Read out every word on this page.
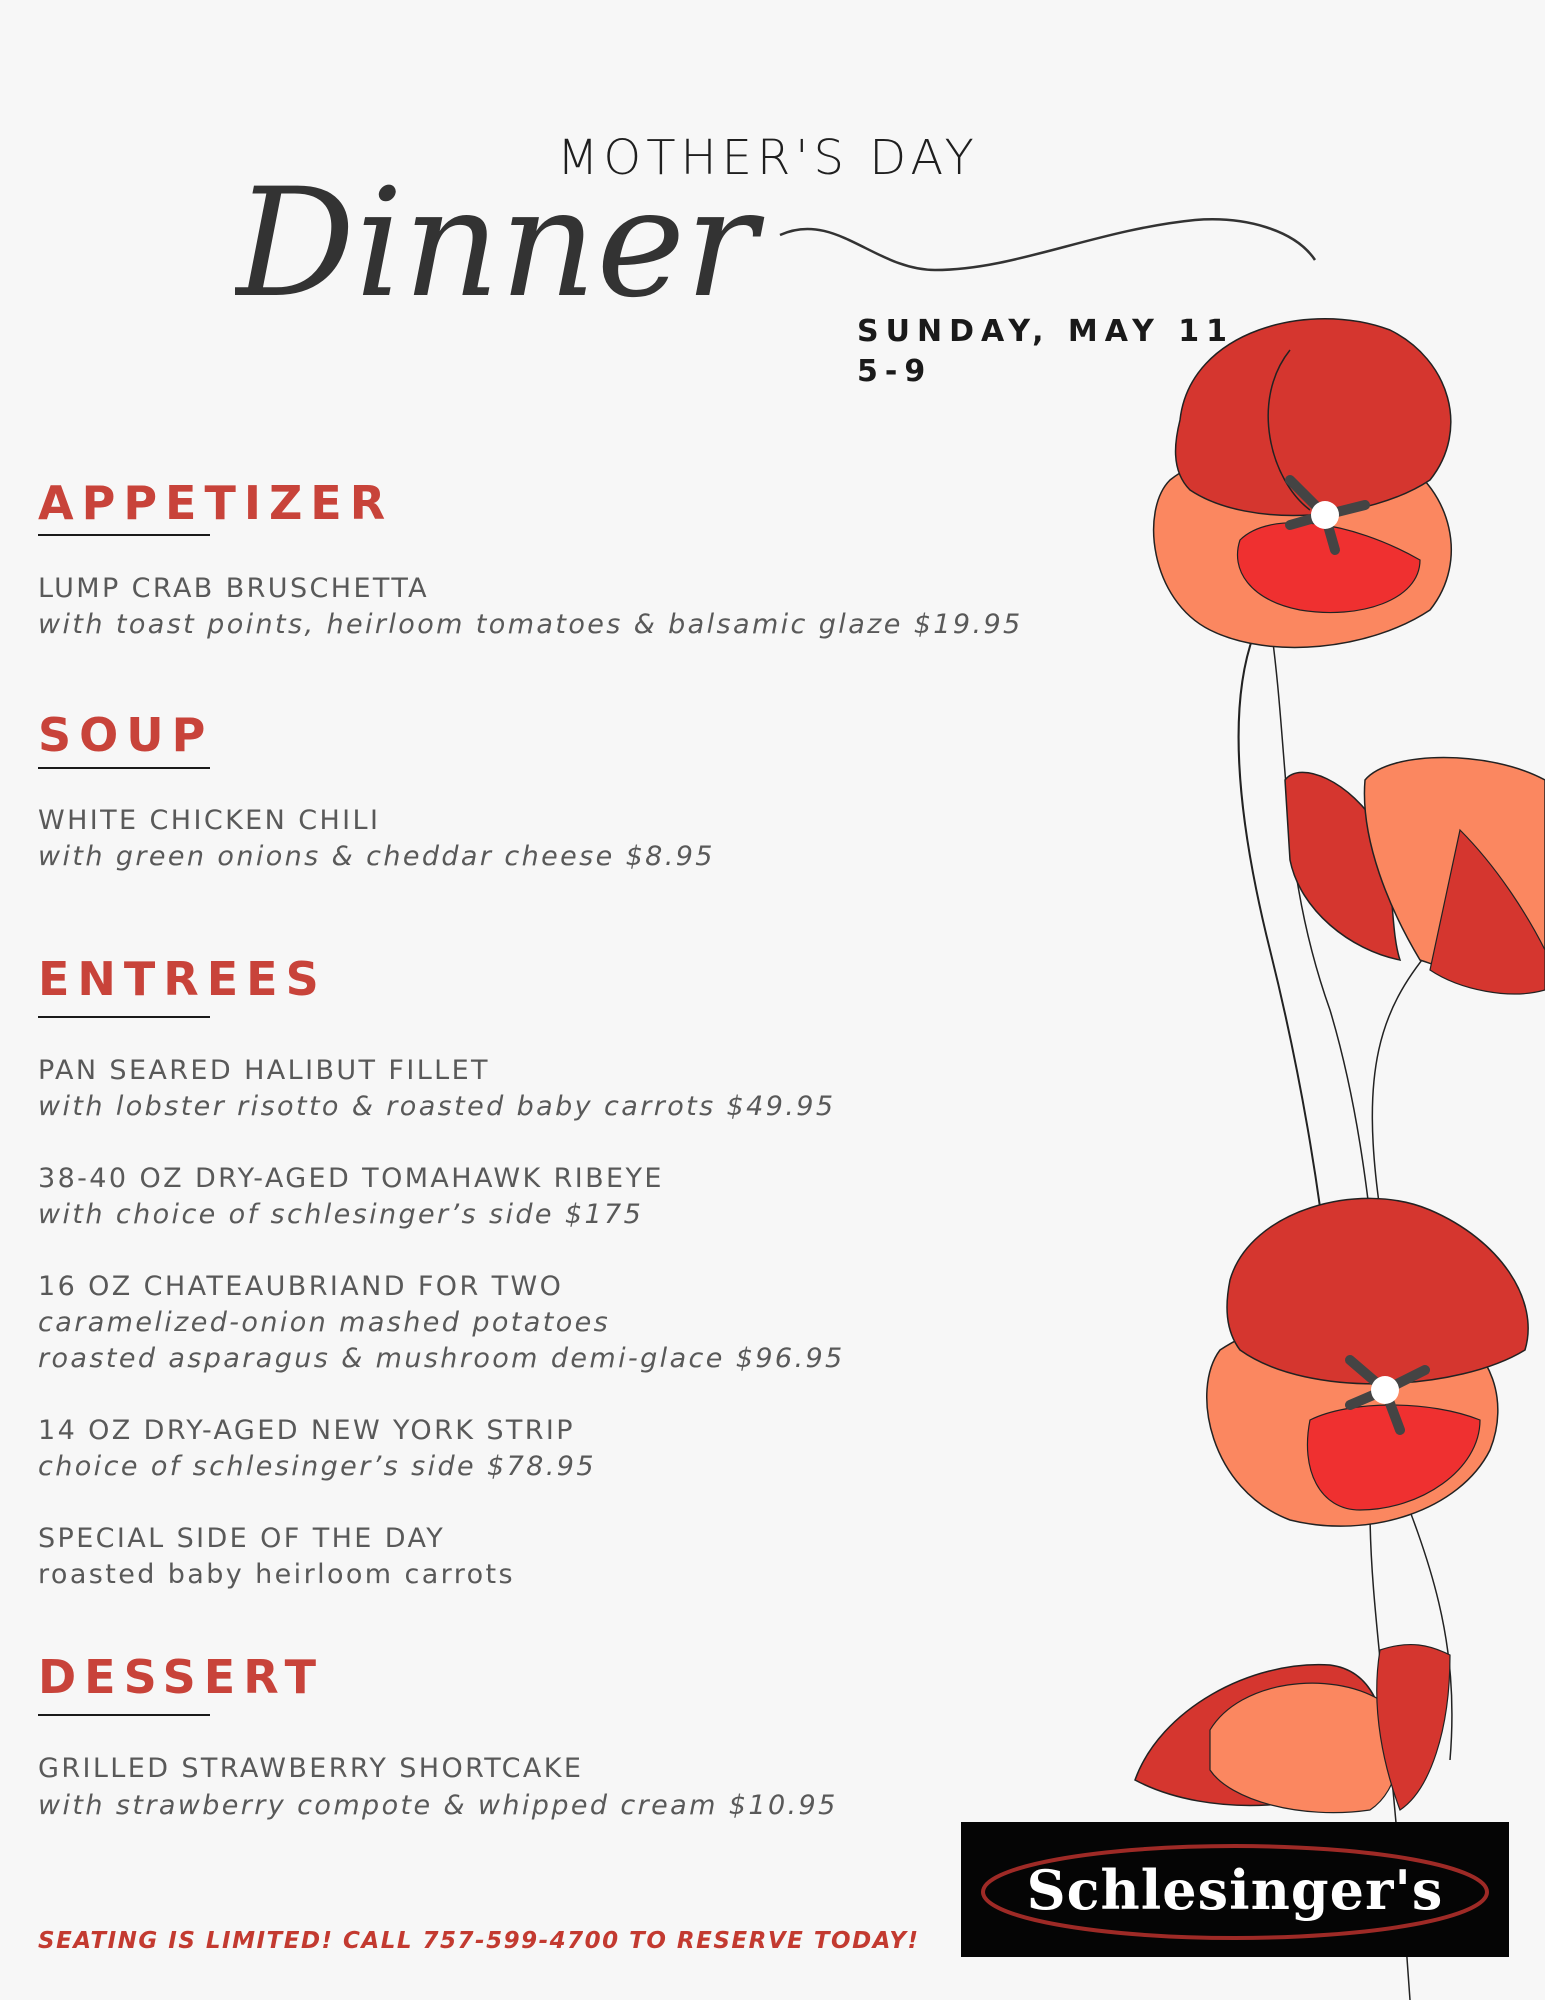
MOTHER'S DAY
Dinner
SUNDAY, MAY 11
5-9
APPETIZER
LUMP CRAB BRUSCHETTA
with toast points, heirloom tomatoes & balsamic glaze $19.95
SOUP
WHITE CHICKEN CHILI
with green onions & cheddar cheese $8.95
ENTREES
PAN SEARED HALIBUT FILLET
with lobster risotto & roasted baby carrots $49.95
38-40 OZ DRY-AGED TOMAHAWK RIBEYE
with choice of schlesinger’s side $175
16 OZ CHATEAUBRIAND FOR TWO
caramelized-onion mashed potatoes
roasted asparagus & mushroom demi-glace $96.95
14 OZ DRY-AGED NEW YORK STRIP
choice of schlesinger’s side $78.95
SPECIAL SIDE OF THE DAY
roasted baby heirloom carrots
DESSERT
GRILLED STRAWBERRY SHORTCAKE
with strawberry compote & whipped cream $10.95
SEATING IS LIMITED! CALL 757-599-4700 TO RESERVE TODAY!
Schlesinger's
